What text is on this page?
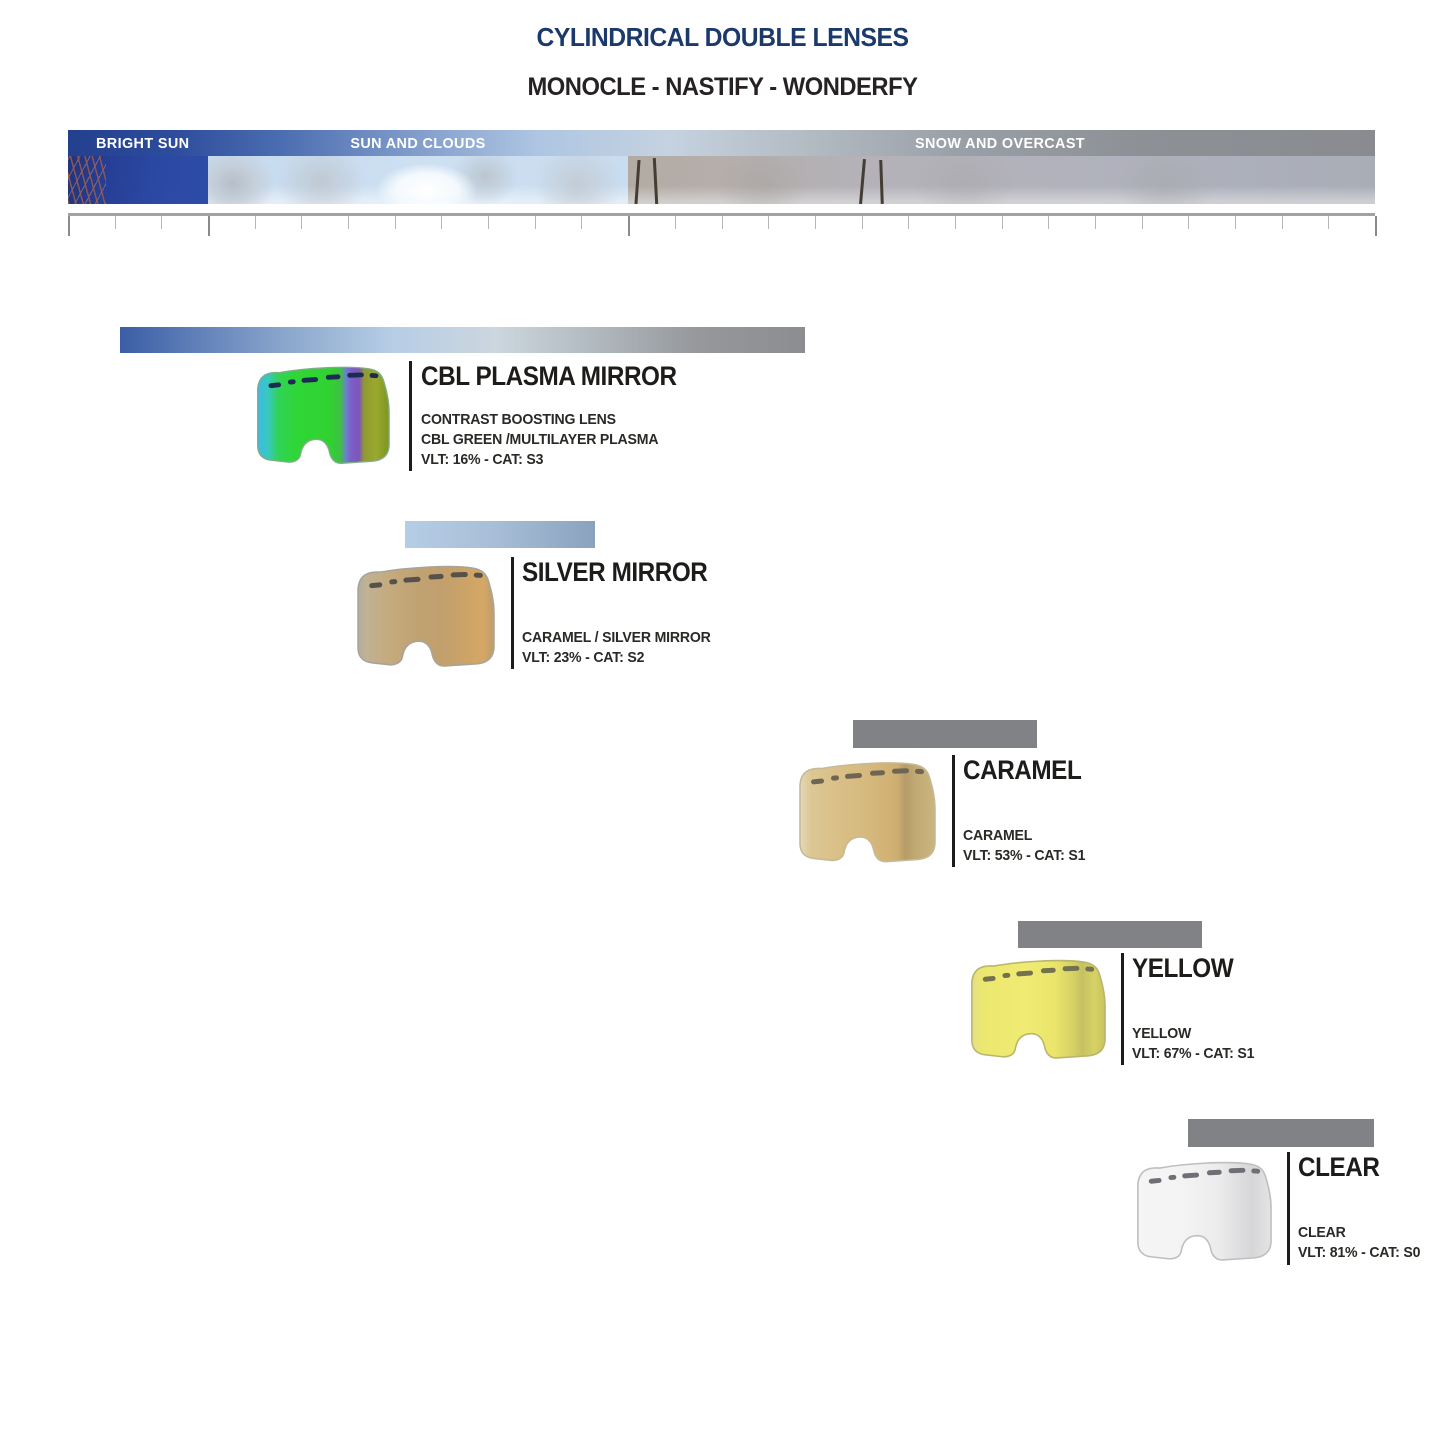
CYLINDRICAL DOUBLE LENSES
MONOCLE - NASTIFY - WONDERFY
BRIGHT SUN	SUN AND CLOUDS	SNOW AND OVERCAST
CBL PLASMA MIRROR
CONTRAST BOOSTING LENS
CBL GREEN /MULTILAYER PLASMA
VLT: 16% - CAT: S3
SILVER MIRROR
CARAMEL / SILVER MIRROR
VLT: 23% - CAT: S2
CARAMEL
CARAMEL
VLT: 53% - CAT: S1
YELLOW
YELLOW
VLT: 67% - CAT: S1
CLEAR
CLEAR
VLT: 81% - CAT: S0
